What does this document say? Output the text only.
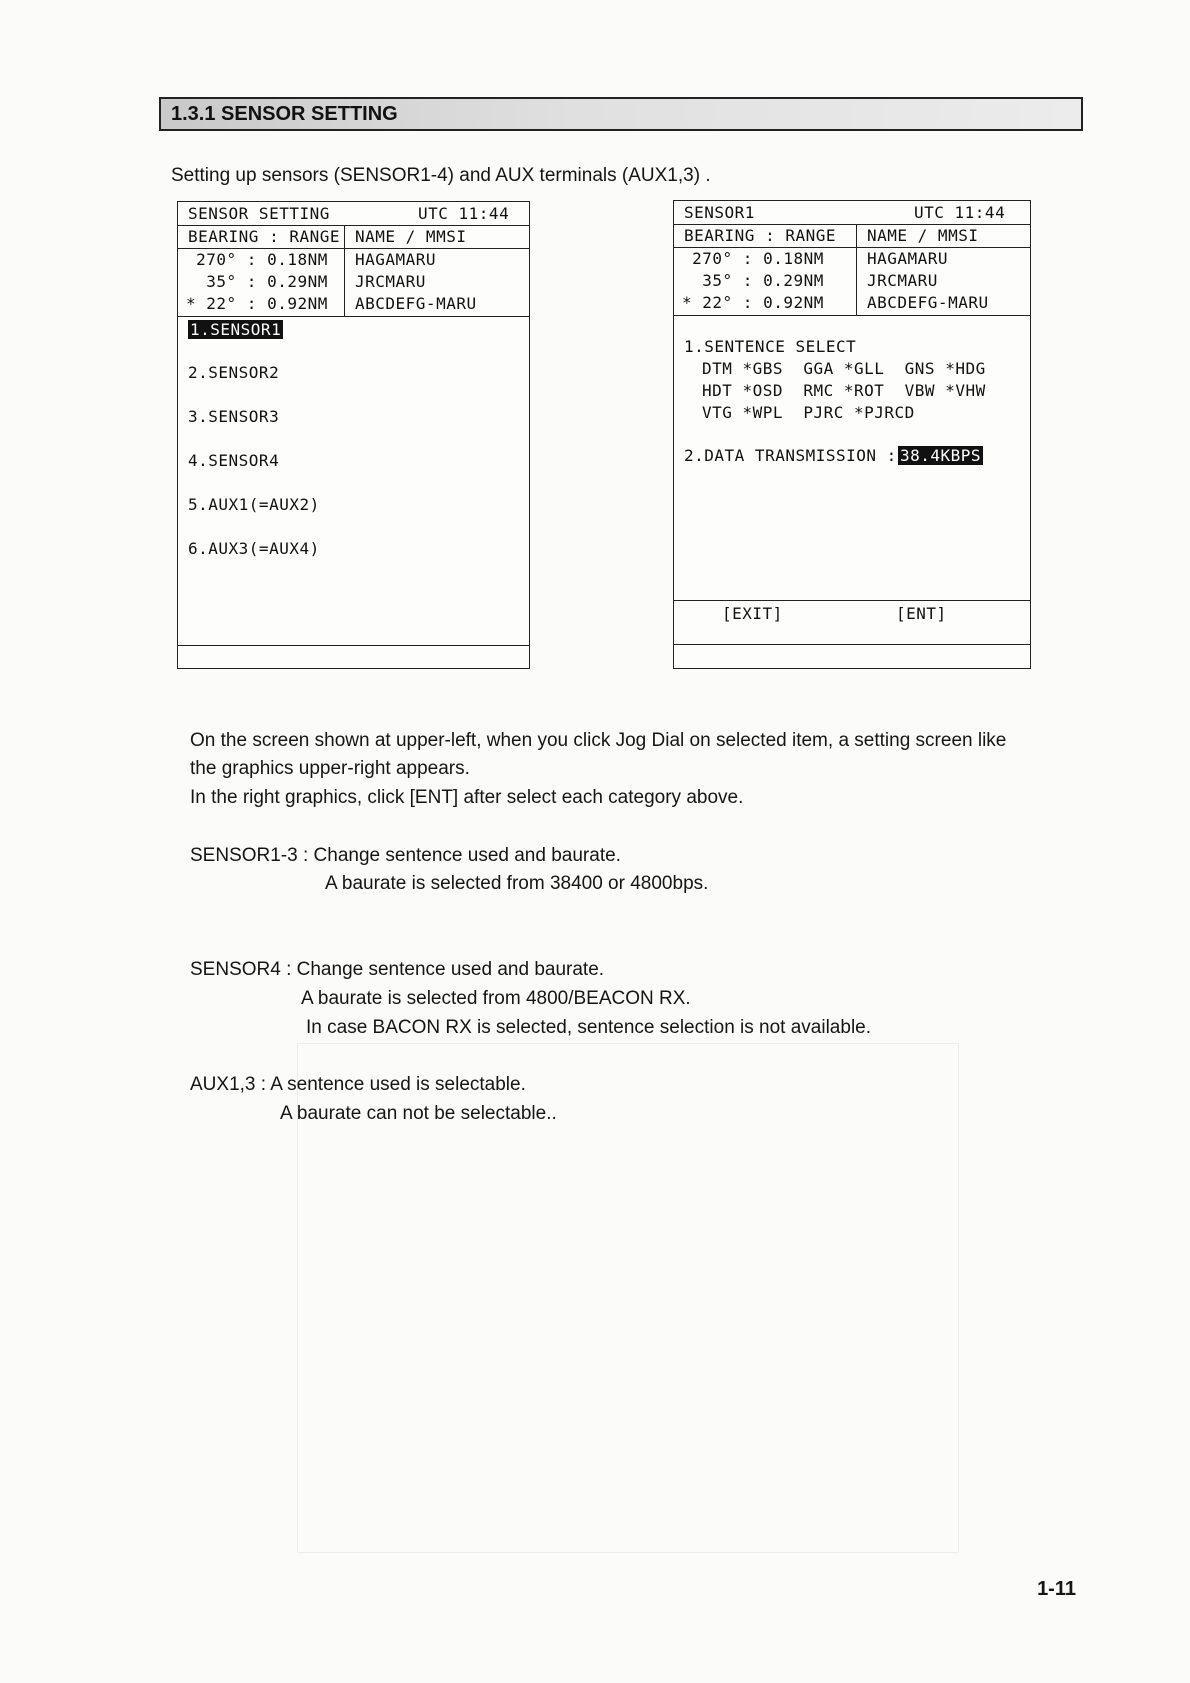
1.3.1 SENSOR SETTING
Setting up sensors (SENSOR1-4) and AUX terminals (AUX1,3) .
SENSOR SETTING	UTC 11:44
BEARING : RANGE NAME / MMSI
270° : 0.18NM HAGAMARU
35° : 0.29NM JRCMARU
* 22° : 0.92NM ABCDEFG-MARU
1.SENSOR1
2.SENSOR2
3.SENSOR3
4.SENSOR4
5.AUX1(=AUX2)
6.AUX3(=AUX4)
SENSOR1	UTC 11:44
BEARING : RANGE NAME / MMSI
270° : 0.18NM	HAGAMARU
35° : 0.29NM	JRCMARU
* 22° : 0.92NM	ABCDEFG-MARU
1.SENTENCE SELECT
DTM *GBS  GGA *GLL  GNS *HDG
HDT *OSD  RMC *ROT  VBW *VHW
VTG *WPL  PJRC *PJRCD
2.DATA TRANSMISSION : 38.4KBPS
[EXIT]	[ENT]
On the screen shown at upper-left, when you click Jog Dial on selected item, a setting screen like
the graphics upper-right appears.
In the right graphics, click [ENT] after select each category above.
SENSOR1-3 : Change sentence used and baurate.
A baurate is selected from 38400 or 4800bps.
SENSOR4 : Change sentence used and baurate.
A baurate is selected from 4800/BEACON RX.
In case BACON RX is selected, sentence selection is not available.
AUX1,3 : A sentence used is selectable.
A baurate can not be selectable..
1-11
